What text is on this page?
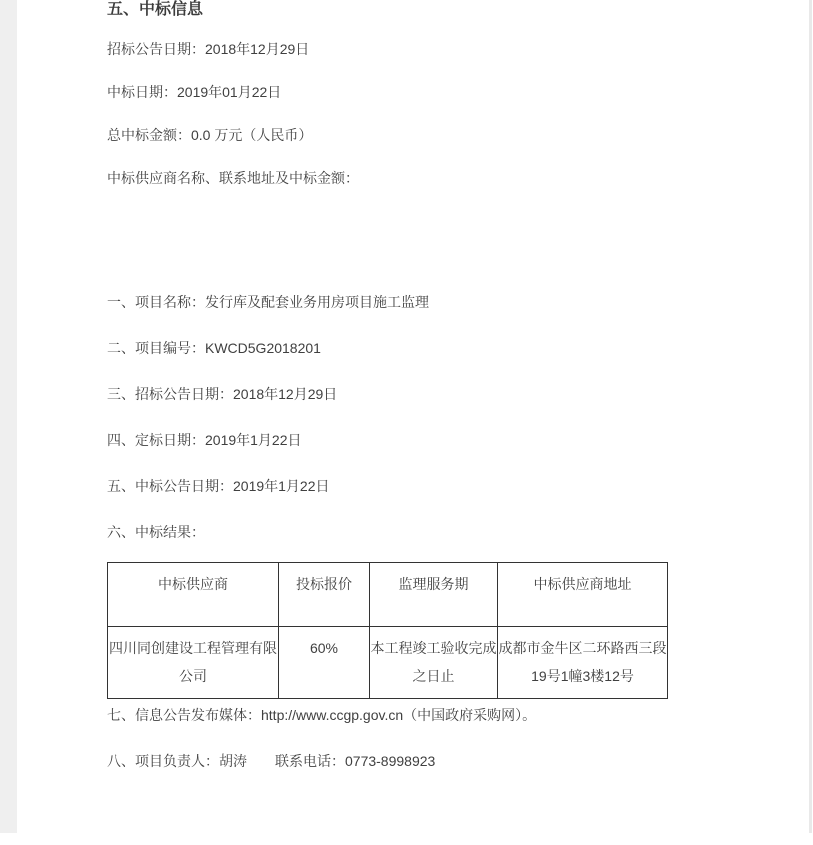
五、中标信息

招标公告日期：2018年12月29日

中标日期：2019年01月22日

总中标金额：0.0 万元（人民币）

中标供应商名称、联系地址及中标金额：

一、项目名称：发行库及配套业务用房项目施工监理

二、项目编号：KWCD5G2018201

三、招标公告日期：2018年12月29日

四、定标日期：2019年1月22日

五、中标公告日期：2019年1月22日

六、中标结果：

中标供应商	投标报价	监理服务期	中标供应商地址
四川同创建设工程管理有限公司	60%	本工程竣工验收完成之日止	成都市金牛区二环路西三段19号1幢3楼12号

七、信息公告发布媒体：http://www.ccgp.gov.cn（中国政府采购网）。

八、项目负责人：胡涛　　联系电话：0773-8998923
